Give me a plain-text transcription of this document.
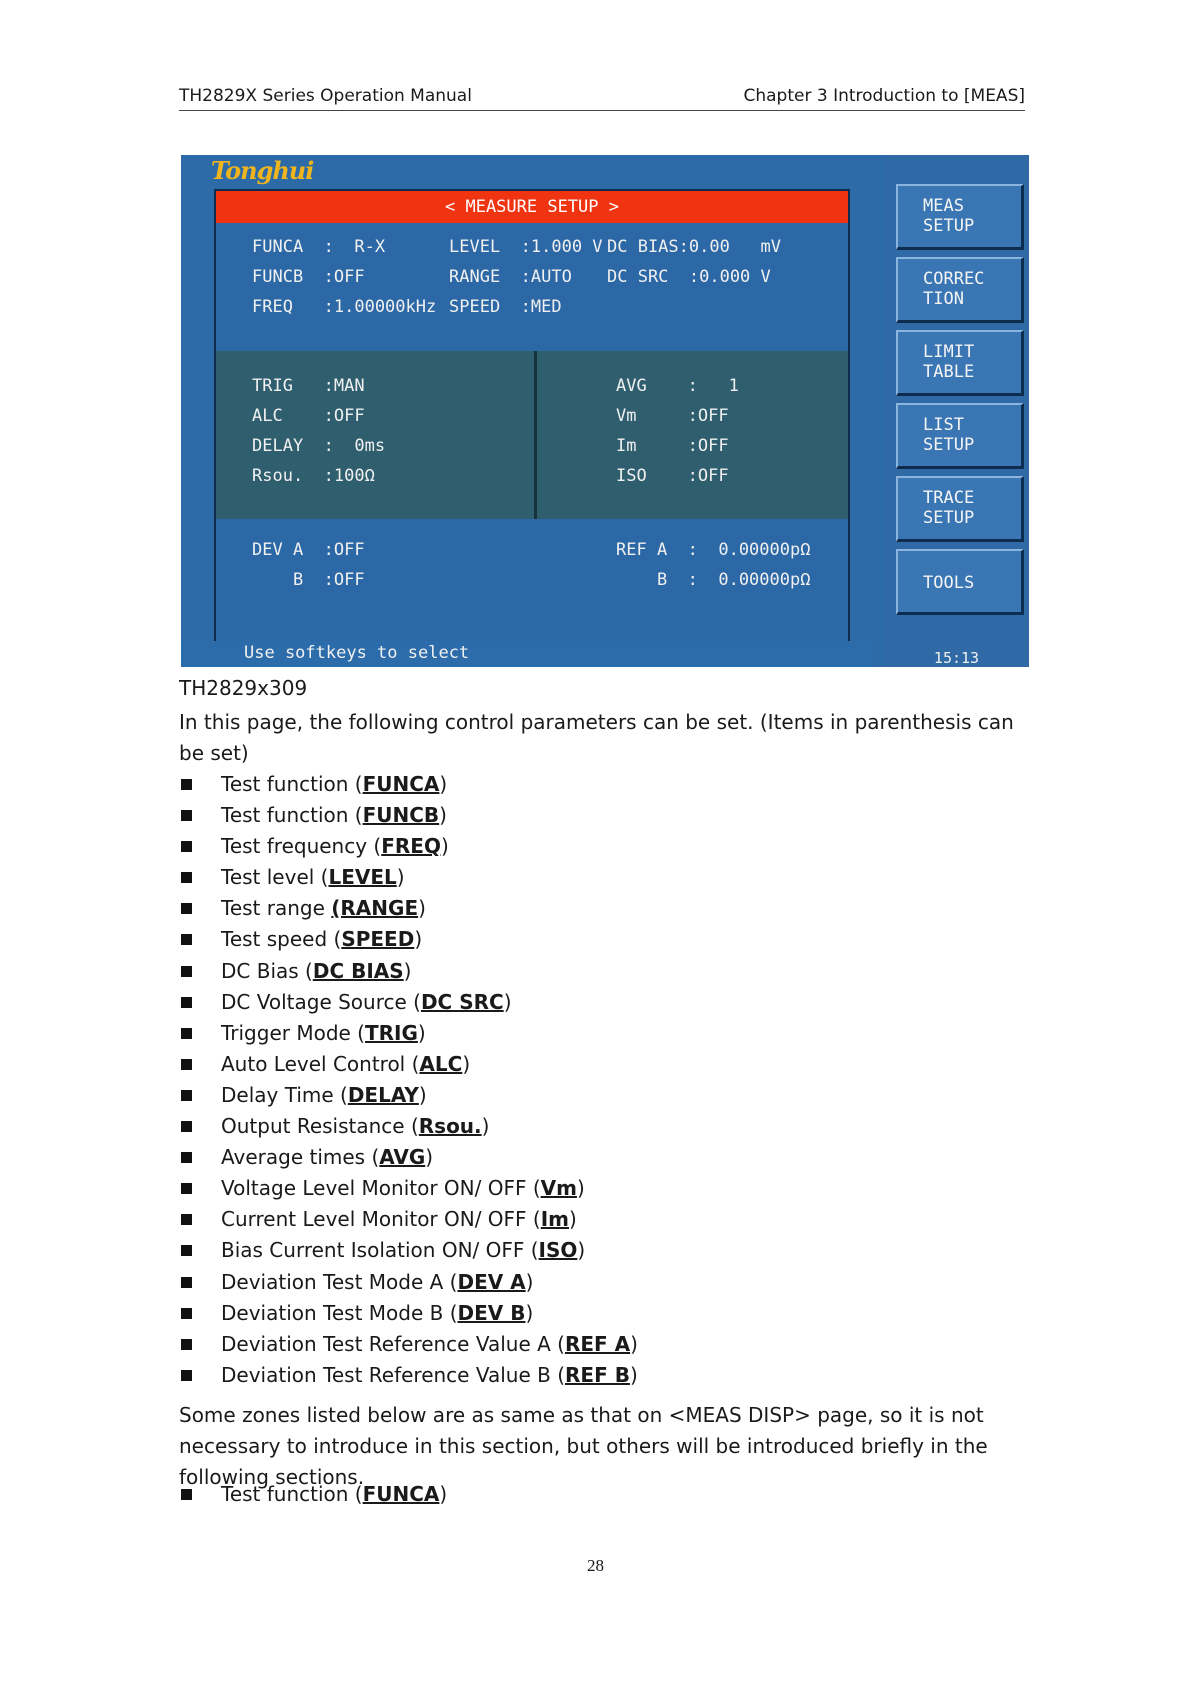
TH2829X Series Operation Manual	Chapter 3 Introduction to [MEAS]
Tonghui
< MEASURE SETUP >
FUNCA  :  R-X
FUNCB  :OFF
FREQ   :1.00000kHz
LEVEL  :1.000 V
RANGE  :AUTO
SPEED  :MED
DC BIAS:0.00   mV
DC SRC  :0.000 V
TRIG   :MAN
ALC    :OFF
DELAY  :  0ms
Rsou.  :100Ω
AVG    :   1
Vm     :OFF
Im     :OFF
ISO    :OFF
DEV A  :OFF
B  :OFF
REF A  :  0.00000pΩ
B  :  0.00000pΩ
Use softkeys to select
MEAS
SETUP
CORREC
TION
LIMIT
TABLE
LIST
SETUP
TRACE
SETUP
TOOLS
15:13
TH2829x309
In this page, the following control parameters can be set. (Items in parenthesis can be set)
Test function (FUNCA)
Test function (FUNCB)
Test frequency (FREQ)
Test level (LEVEL)
Test range (RANGE)
Test speed (SPEED)
DC Bias (DC BIAS)
DC Voltage Source (DC SRC)
Trigger Mode (TRIG)
Auto Level Control (ALC)
Delay Time (DELAY)
Output Resistance (Rsou.)
Average times (AVG)
Voltage Level Monitor ON/ OFF (Vm)
Current Level Monitor ON/ OFF (Im)
Bias Current Isolation ON/ OFF (ISO)
Deviation Test Mode A (DEV A)
Deviation Test Mode B (DEV B)
Deviation Test Reference Value A (REF A)
Deviation Test Reference Value B (REF B)
Some zones listed below are as same as that on <MEAS DISP> page, so it is not necessary to introduce in this section, but others will be introduced briefly in the following sections.
Test function (FUNCA)
28
